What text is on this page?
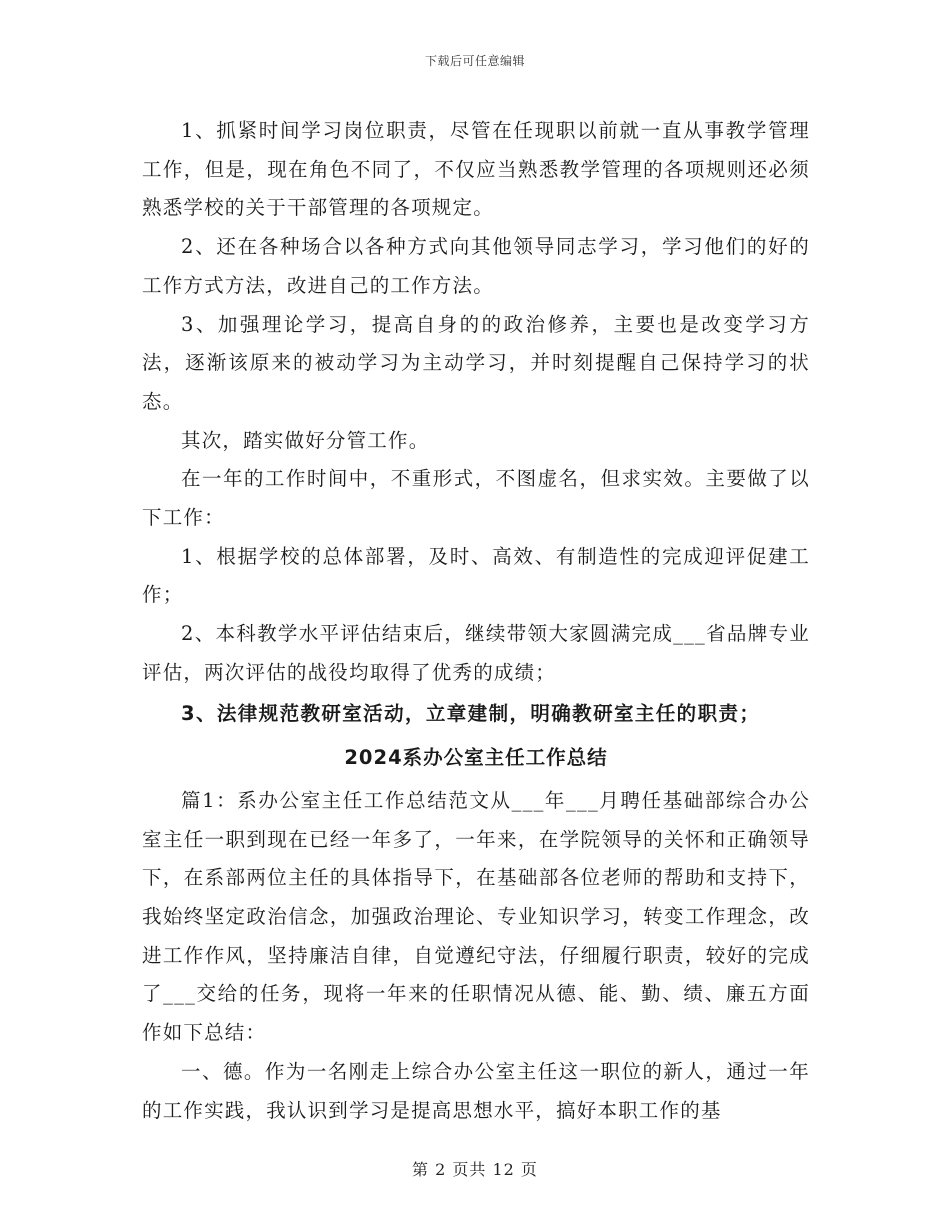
下载后可任意编辑

1、抓紧时间学习岗位职责，尽管在任现职以前就一直从事教学管理工作，但是，现在角色不同了，不仅应当熟悉教学管理的各项规则还必须熟悉学校的关于干部管理的各项规定。

2、还在各种场合以各种方式向其他领导同志学习，学习他们的好的工作方式方法，改进自己的工作方法。

3、加强理论学习，提高自身的的政治修养，主要也是改变学习方法，逐渐该原来的被动学习为主动学习，并时刻提醒自己保持学习的状态。

其次，踏实做好分管工作。

在一年的工作时间中，不重形式，不图虚名，但求实效。主要做了以下工作：

1、根据学校的总体部署，及时、高效、有制造性的完成迎评促建工作；

2、本科教学水平评估结束后，继续带领大家圆满完成___省品牌专业评估，两次评估的战役均取得了优秀的成绩；

3、法律规范教研室活动，立章建制，明确教研室主任的职责；

2024系办公室主任工作总结

篇1：系办公室主任工作总结范文从___年___月聘任基础部综合办公室主任一职到现在已经一年多了，一年来，在学院领导的关怀和正确领导下，在系部两位主任的具体指导下，在基础部各位老师的帮助和支持下，我始终坚定政治信念，加强政治理论、专业知识学习，转变工作理念，改进工作作风，坚持廉洁自律，自觉遵纪守法，仔细履行职责，较好的完成了___交给的任务，现将一年来的任职情况从德、能、勤、绩、廉五方面作如下总结：

一、德。作为一名刚走上综合办公室主任这一职位的新人，通过一年的工作实践，我认识到学习是提高思想水平，搞好本职工作的基

第 2 页共 12 页
